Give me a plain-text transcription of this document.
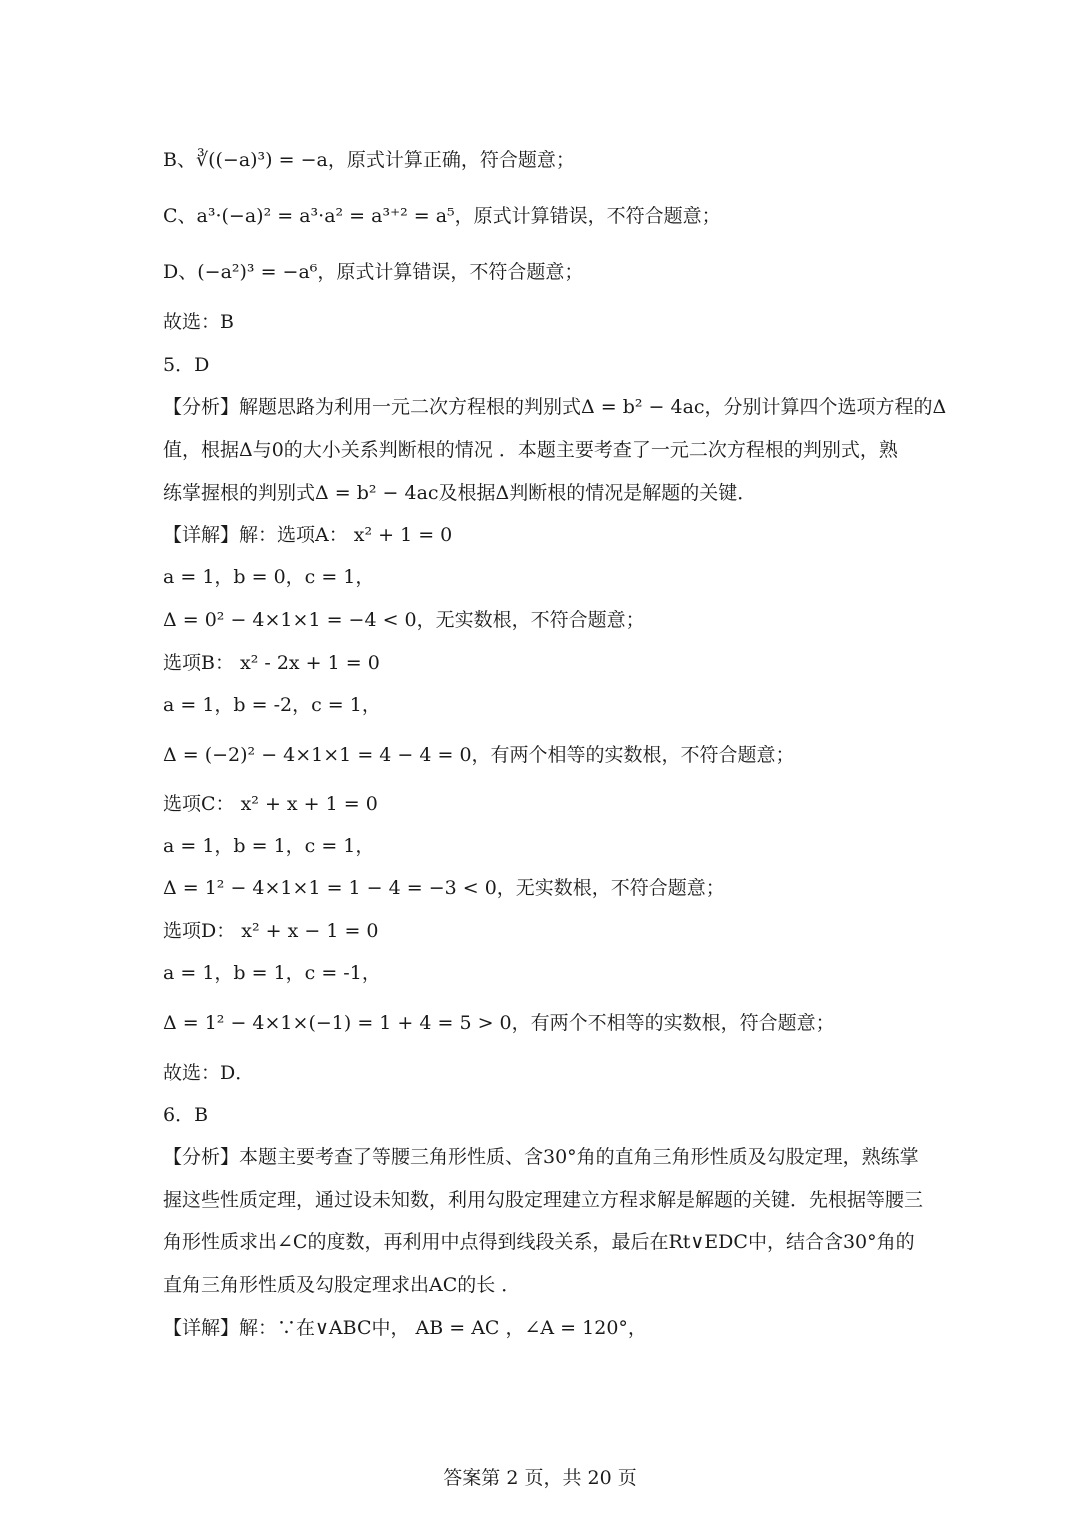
B、∛((−a)³) = −a，原式计算正确，符合题意；
C、a³·(−a)² = a³·a² = a³⁺² = a⁵，原式计算错误，不符合题意；
D、(−a²)³ = −a⁶，原式计算错误，不符合题意；
故选：B
5．D
【分析】解题思路为利用一元二次方程根的判别式Δ = b² − 4ac，分别计算四个选项方程的Δ
值，根据Δ与0的大小关系判断根的情况 ．本题主要考查了一元二次方程根的判别式，熟
练掌握根的判别式Δ = b² − 4ac及根据Δ判断根的情况是解题的关键．
【详解】解：选项A： x² + 1 = 0
a = 1，b = 0，c = 1，
Δ = 0² − 4×1×1 = −4 < 0，无实数根，不符合题意；
选项B： x² - 2x + 1 = 0
a = 1，b = -2，c = 1，
Δ = (−2)² − 4×1×1 = 4 − 4 = 0，有两个相等的实数根，不符合题意；
选项C： x² + x + 1 = 0
a = 1，b = 1，c = 1，
Δ = 1² − 4×1×1 = 1 − 4 = −3 < 0，无实数根，不符合题意；
选项D： x² + x − 1 = 0
a = 1，b = 1，c = -1，
Δ = 1² − 4×1×(−1) = 1 + 4 = 5 > 0，有两个不相等的实数根，符合题意；
故选：D．
6．B
【分析】本题主要考查了等腰三角形性质、含30°角的直角三角形性质及勾股定理，熟练掌
握这些性质定理，通过设未知数，利用勾股定理建立方程求解是解题的关键．先根据等腰三
角形性质求出∠C的度数，再利用中点得到线段关系，最后在Rt∨EDC中，结合含30°角的
直角三角形性质及勾股定理求出AC的长 ．
【详解】解：∵在∨ABC中， AB = AC ，∠A = 120°，
答案第 2 页，共 20 页
